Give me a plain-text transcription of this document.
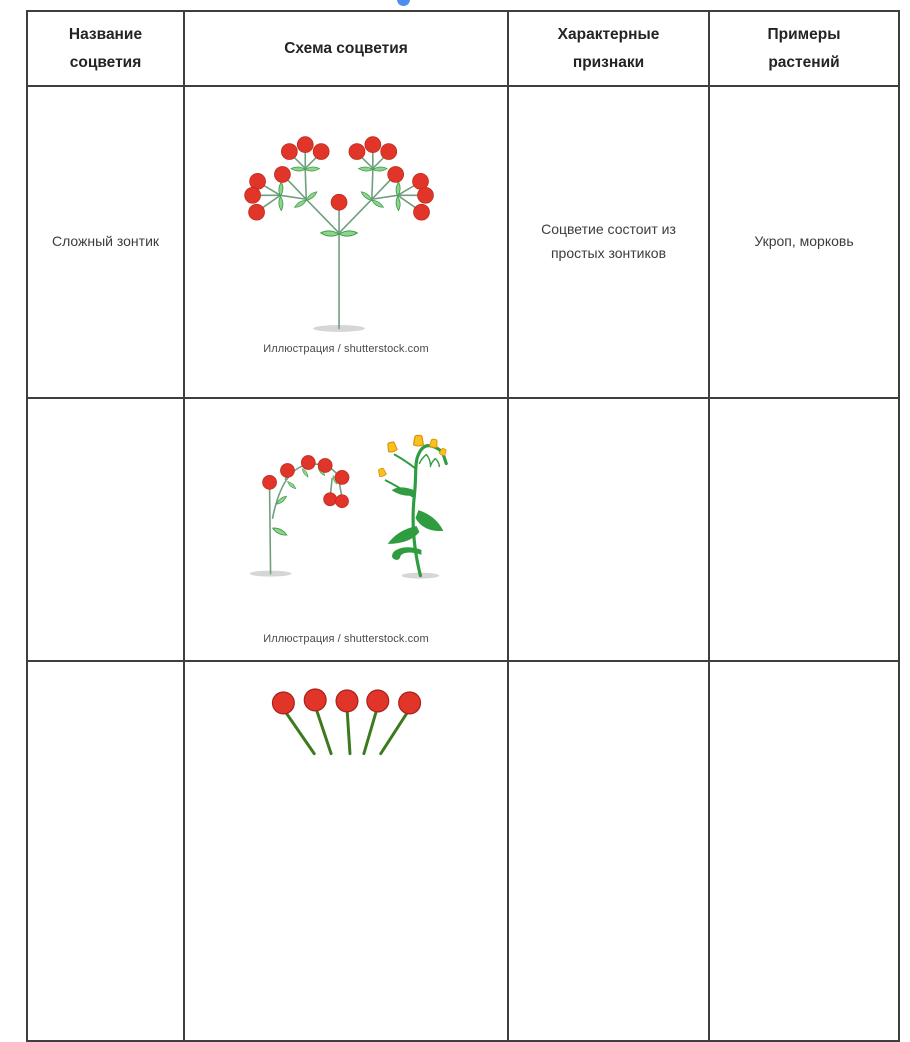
Название соцветия	Схема соцветия	Характерные признаки	Примеры растений
Сложный зонтик	Иллюстрация / shutterstock.com	Соцветие состоит из простых зонтиков	Укроп, морковь

	Иллюстрация / shutterstock.com		
